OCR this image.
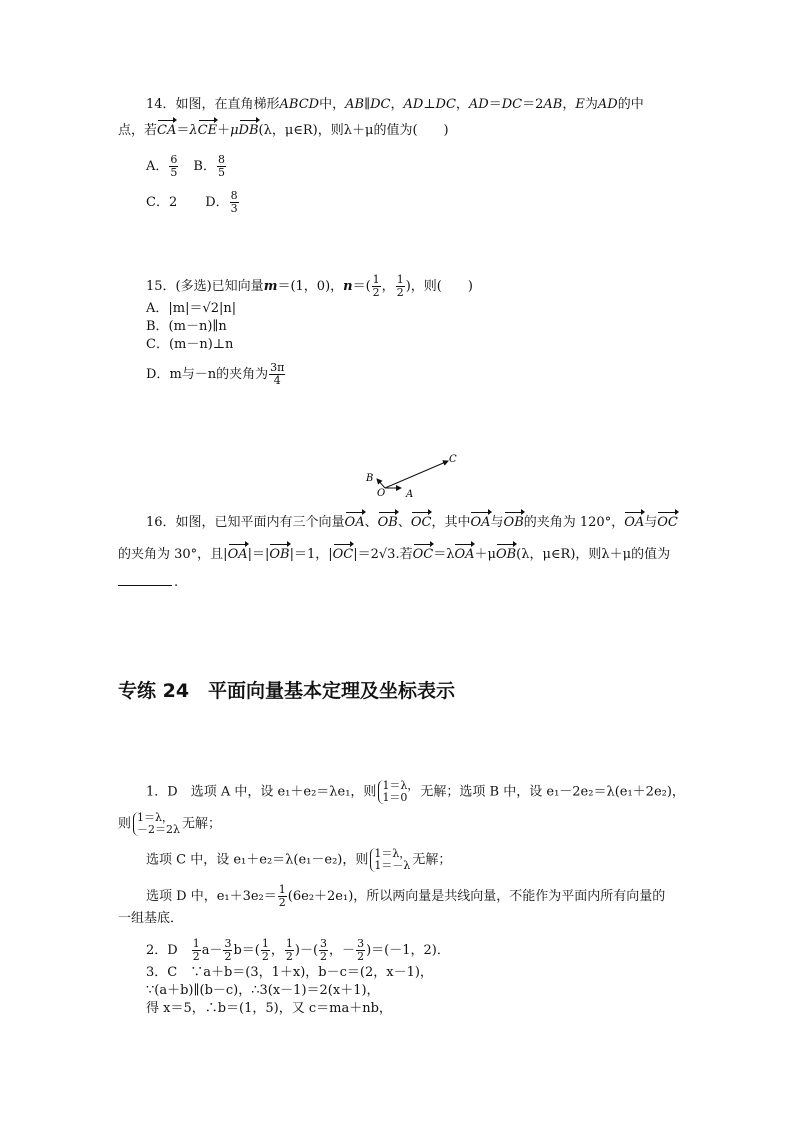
14．如图，在直角梯形ABCD中，AB∥DC，AD⊥DC，AD＝DC＝2AB，E为AD的中
点，若CA＝λCE＋μDB(λ，μ∈R)，则λ＋μ的值为(　　)
A． $\frac{6}{5}$ B． $\frac{8}{5}$
C．2 D． $\frac{8}{3}$
15．(多选)已知向量m＝(1，0)，$n=( \frac{1}{2}$ ， $\frac{1}{2}$ )，则(　　)
A．|m|＝√2|n|
B．(m－n)∥n
C．(m－n)⊥n
D．m与－n的夹角为 $\frac{3\pi}{4}$
B
O A
C
16．如图，已知平面内有三个向量OA、OB、OC，其中OA与OB的夹角为 120°，OA与OC
的夹角为 30°，且|OA|＝|OB|＝1，|OC|＝2√3.若OC＝λOA＋μOB(λ，μ∈R)，则λ＋μ的值为
.
专练 24　平面向量基本定理及坐标表示
1．D　选项 A 中，设 e₁＋e₂＝λe₁，则 1＝λ，
1＝0 无解；选项 B 中，设 e₁－2e₂＝λ(e₁＋2e₂)，
则 1＝λ，
－2＝2λ 无解；
选项 C 中，设 e₁＋e₂＝λ(e₁－e₂)，则 1＝λ，
1＝－λ 无解；
选项 D 中，$e_1+3e_2= \frac{1}{2} (6e_2+2e_1)$，所以两向量是共线向量，不能作为平面内所有向量的
一组基底．
2．D　 $\frac{1}{2} a- \frac{3}{2} b=( \frac{1}{2}$ ， $\frac{1}{2}$ )－( $\frac{3}{2}$ ，－ $\frac{3}{2} )=(-1$，2)．
3．C　∵a＋b＝(3，1＋x)，b－c＝(2，x－1)，
∵(a＋b)∥(b－c)，∴3(x－1)＝2(x＋1)，
得 x＝5，∴b＝(1，5)，又 c＝ma＋nb，
